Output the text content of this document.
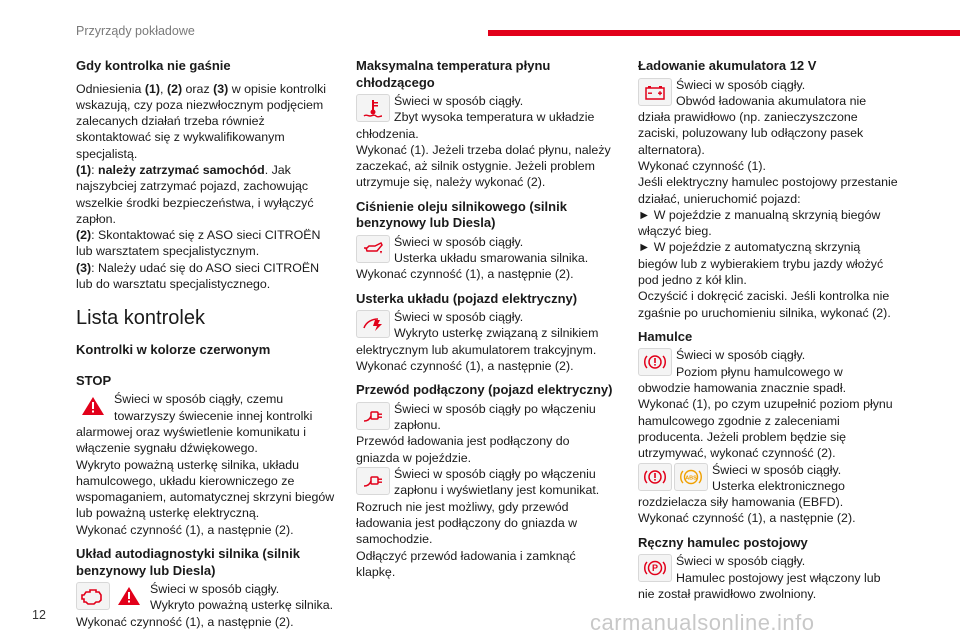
Przyrządy pokładowe
Gdy kontrolka nie gaśnie

Odniesienia (1), (2) oraz (3) w opisie kontrolki wskazują, czy poza niezwłocznym podjęciem zalecanych działań trzeba również skontaktować się z wykwalifikowanym specjalistą.

(1): należy zatrzymać samochód. Jak najszybciej zatrzymać pojazd, zachowując wszelkie środki bezpieczeństwa, i wyłączyć zapłon.

(2): Skontaktować się z ASO sieci CITROËN lub warsztatem specjalistycznym.

(3): Należy udać się do ASO sieci CITROËN lub do warsztatu specjalistycznego.

Lista kontrolek
Kontrolki w kolorze czerwonym
STOP

Świeci w sposób ciągły, czemu towarzyszy świecenie innej kontrolki alarmowej oraz wyświetlenie komunikatu i włączenie sygnału dźwiękowego.

Wykryto poważną usterkę silnika, układu hamulcowego, układu kierowniczego ze wspomaganiem, automatycznej skrzyni biegów lub poważną usterkę elektryczną.

Wykonać czynność (1), a następnie (2).

Układ autodiagnostyki silnika (silnik benzynowy lub Diesla)

Świeci w sposób ciągły.

Wykryto poważną usterkę silnika.

Wykonać czynność (1), a następnie (2).

Maksymalna temperatura płynu chłodzącego

Świeci w sposób ciągły.

Zbyt wysoka temperatura w układzie chłodzenia.

Wykonać (1). Jeżeli trzeba dolać płynu, należy zaczekać, aż silnik ostygnie. Jeżeli problem utrzymuje się, należy wykonać (2).

Ciśnienie oleju silnikowego (silnik benzynowy lub Diesla)

Świeci w sposób ciągły.

Usterka układu smarowania silnika.

Wykonać czynność (1), a następnie (2).

Usterka układu (pojazd elektryczny)

Świeci w sposób ciągły.

Wykryto usterkę związaną z silnikiem elektrycznym lub akumulatorem trakcyjnym.

Wykonać czynność (1), a następnie (2).

Przewód podłączony (pojazd elektryczny)

Świeci w sposób ciągły po włączeniu zapłonu.

Przewód ładowania jest podłączony do gniazda w pojeździe.

Świeci w sposób ciągły po włączeniu zapłonu i wyświetlany jest komunikat.

Rozruch nie jest możliwy, gdy przewód ładowania jest podłączony do gniazda w samochodzie.

Odłączyć przewód ładowania i zamknąć klapkę.

Ładowanie akumulatora 12 V

Świeci w sposób ciągły.

Obwód ładowania akumulatora nie działa prawidłowo (np. zanieczyszczone zaciski, poluzowany lub odłączony pasek alternatora).

Wykonać czynność (1).

Jeśli elektryczny hamulec postojowy przestanie działać, unieruchomić pojazd:

► W pojeździe z manualną skrzynią biegów włączyć bieg.

► W pojeździe z automatyczną skrzynią biegów lub z wybierakiem trybu jazdy włożyć pod jedno z kół klin.

Oczyścić i dokręcić zaciski. Jeśli kontrolka nie zgaśnie po uruchomieniu silnika, wykonać (2).

Hamulce

Świeci w sposób ciągły.

Poziom płynu hamulcowego w obwodzie hamowania znacznie spadł.

Wykonać (1), po czym uzupełnić poziom płynu hamulcowego zgodnie z zaleceniami producenta. Jeżeli problem będzie się utrzymywać, wykonać czynność (2).

ABS

Świeci w sposób ciągły.

Usterka elektronicznego rozdzielacza siły hamowania (EBFD).

Wykonać czynność (1), a następnie (2).

Ręczny hamulec postojowy
P

Świeci w sposób ciągły.

Hamulec postojowy jest włączony lub nie został prawidłowo zwolniony.

12	carmanualsonline.info
